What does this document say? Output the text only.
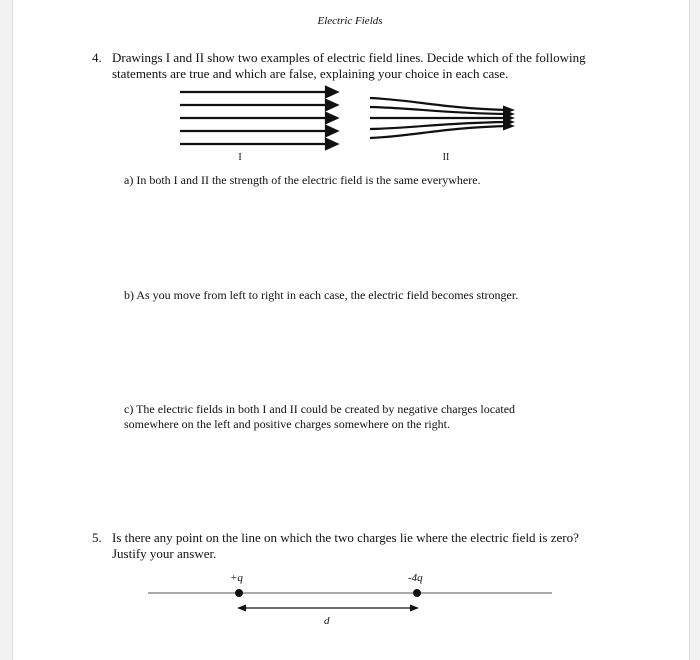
Electric Fields
4. Drawings I and II show two examples of electric field lines. Decide which of the following
statements are true and which are false, explaining your choice in each case.
I	II
a) In both I and II the strength of the electric field is the same everywhere.
b) As you move from left to right in each case, the electric field becomes stronger.
c) The electric fields in both I and II could be created by negative charges located
somewhere on the left and positive charges somewhere on the right.
5. Is there any point on the line on which the two charges lie where the electric field is zero?
Justify your answer.
+q	-4q
d
